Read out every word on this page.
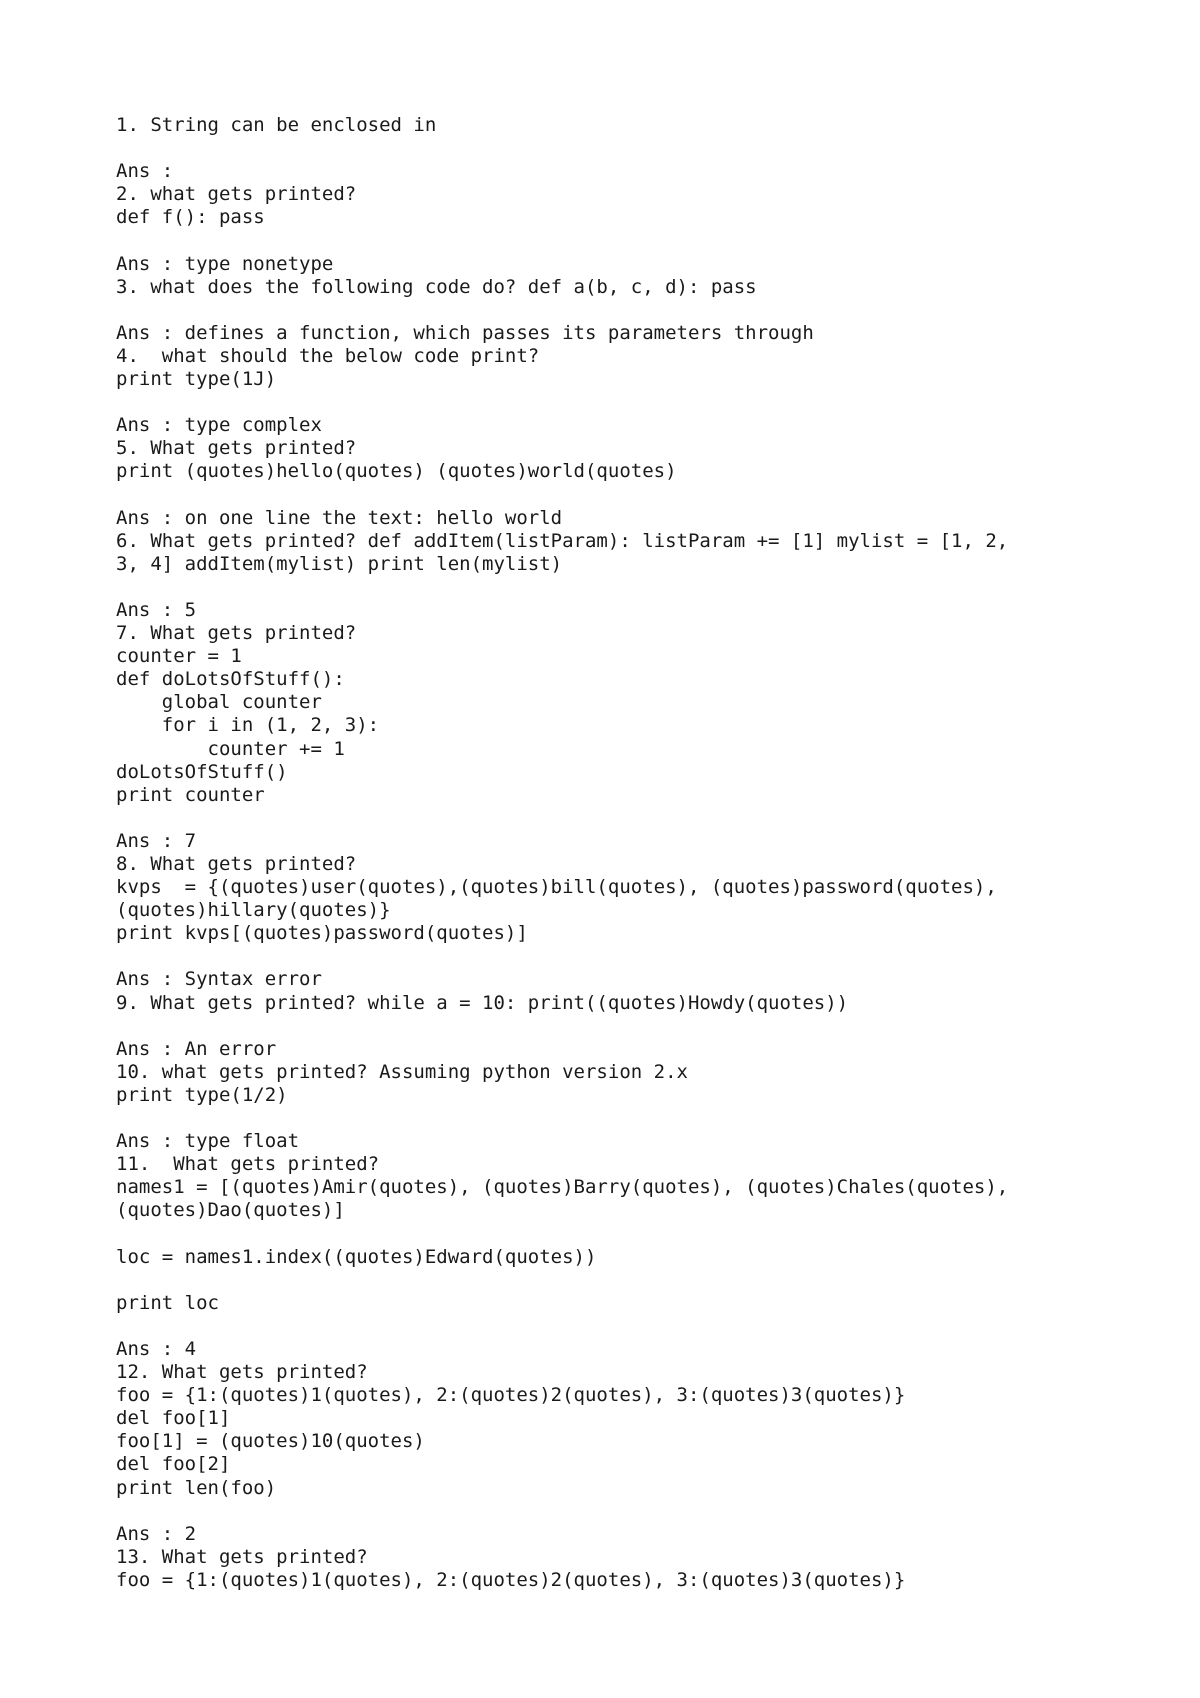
1. String can be enclosed in
Ans :
2. what gets printed?
def f(): pass
Ans : type nonetype
3. what does the following code do? def a(b, c, d): pass
Ans : defines a function, which passes its parameters through
4.  what should the below code print?
print type(1J)
Ans : type complex
5. What gets printed?
print (quotes)hello(quotes) (quotes)world(quotes)
Ans : on one line the text: hello world
6. What gets printed? def addItem(listParam): listParam += [1] mylist = [1, 2,
3, 4] addItem(mylist) print len(mylist)
Ans : 5
7. What gets printed?
counter = 1
def doLotsOfStuff():
global counter
for i in (1, 2, 3):
counter += 1
doLotsOfStuff()
print counter
Ans : 7
8. What gets printed?
kvps  = {(quotes)user(quotes),(quotes)bill(quotes), (quotes)password(quotes),
(quotes)hillary(quotes)}
print kvps[(quotes)password(quotes)]
Ans : Syntax error
9. What gets printed? while a = 10: print((quotes)Howdy(quotes))
Ans : An error
10. what gets printed? Assuming python version 2.x
print type(1/2)
Ans : type float
11.  What gets printed?
names1 = [(quotes)Amir(quotes), (quotes)Barry(quotes), (quotes)Chales(quotes),
(quotes)Dao(quotes)]
loc = names1.index((quotes)Edward(quotes))
print loc
Ans : 4
12. What gets printed?
foo = {1:(quotes)1(quotes), 2:(quotes)2(quotes), 3:(quotes)3(quotes)}
del foo[1]
foo[1] = (quotes)10(quotes)
del foo[2]
print len(foo)
Ans : 2
13. What gets printed?
foo = {1:(quotes)1(quotes), 2:(quotes)2(quotes), 3:(quotes)3(quotes)}
